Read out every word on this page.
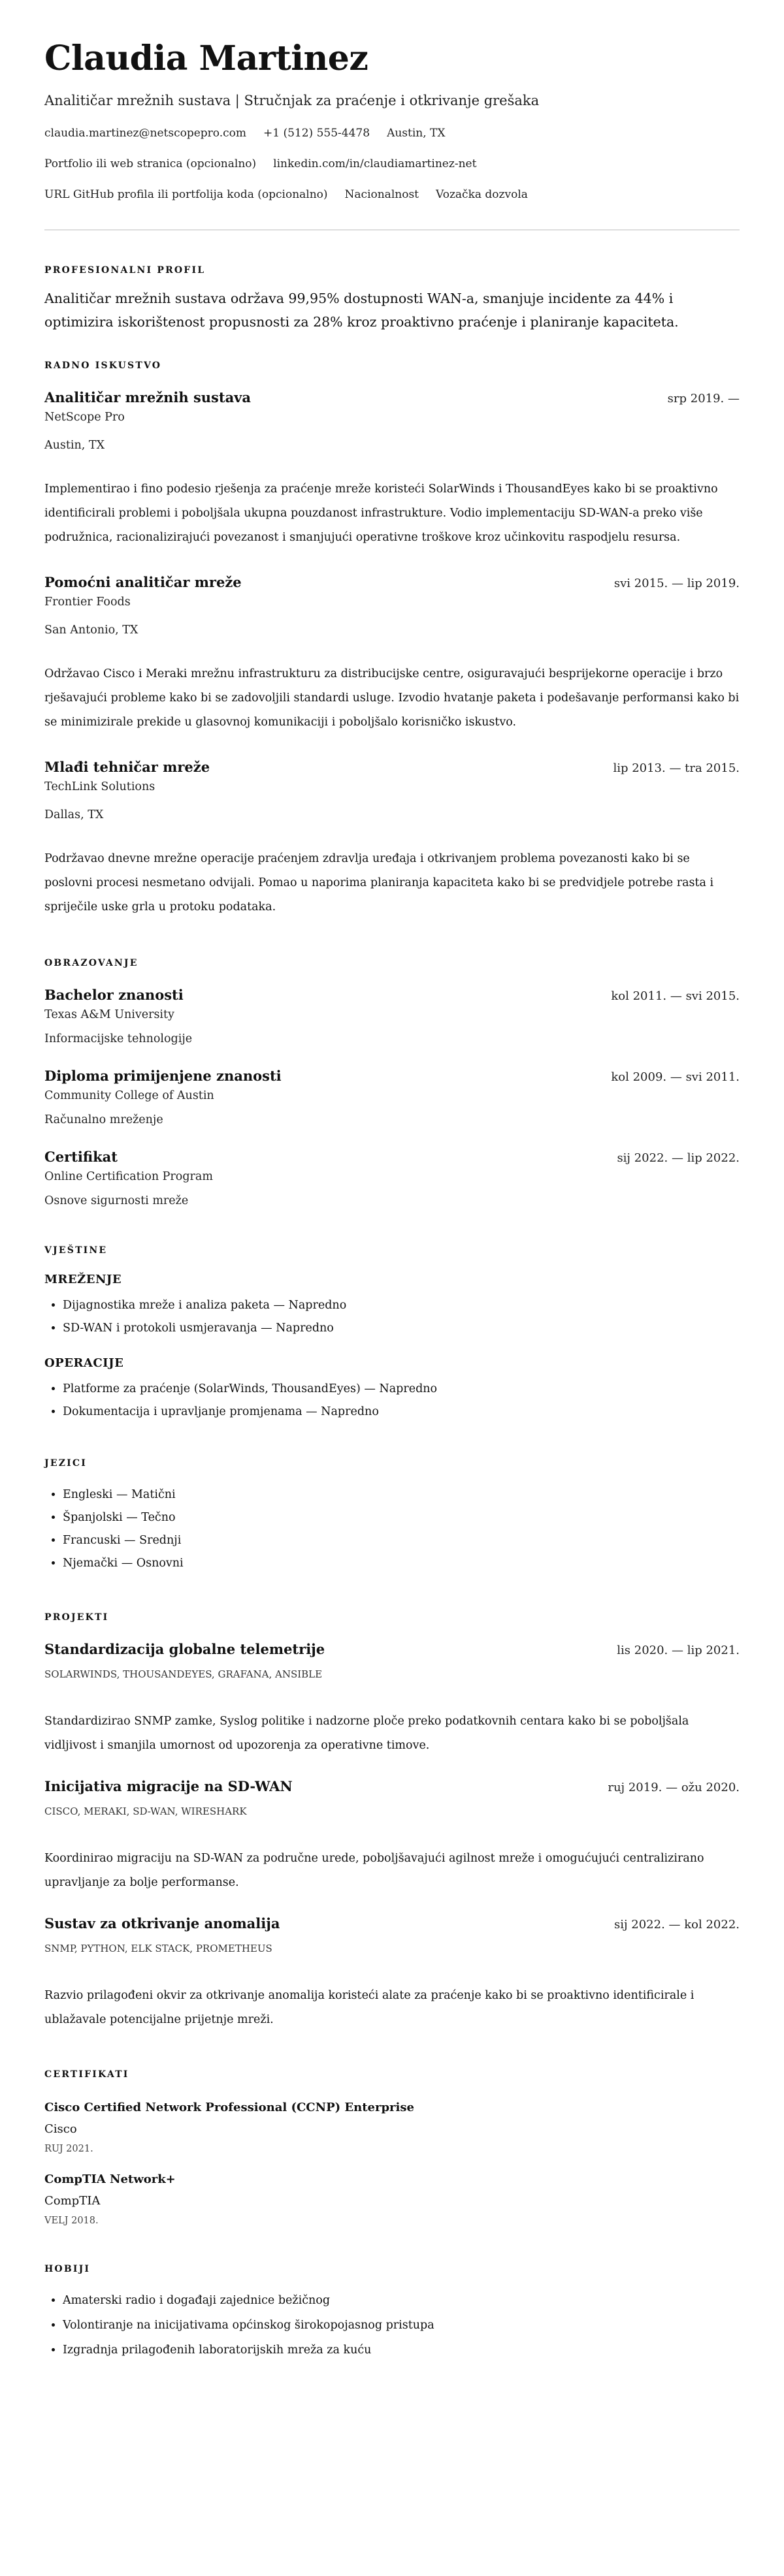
Claudia Martinez
Analitičar mrežnih sustava | Stručnjak za praćenje i otkrivanje grešaka
claudia.martinez@netscopepro.com +1 (512) 555-4478 Austin, TX
Portfolio ili web stranica (opcionalno) linkedin.com/in/claudiamartinez-net
URL GitHub profila ili portfolija koda (opcionalno) Nacionalnost Vozačka dozvola
PROFESIONALNI PROFIL
Analitičar mrežnih sustava održava 99,95% dostupnosti WAN-a, smanjuje incidente za 44% i optimizira iskorištenost propusnosti za 28% kroz proaktivno praćenje i planiranje kapaciteta.
RADNO ISKUSTVO
Analitičar mrežnih sustava	srp 2019. —
NetScope Pro
Austin, TX
Implementirao i fino podesio rješenja za praćenje mreže koristeći SolarWinds i ThousandEyes kako bi se proaktivno identificirali problemi i poboljšala ukupna pouzdanost infrastrukture. Vodio implementaciju SD-WAN-a preko više podružnica, racionalizirajući povezanost i smanjujući operativne troškove kroz učinkovitu raspodjelu resursa.
Pomoćni analitičar mreže	svi 2015. — lip 2019.
Frontier Foods
San Antonio, TX
Održavao Cisco i Meraki mrežnu infrastrukturu za distribucijske centre, osiguravajući besprijekorne operacije i brzo rješavajući probleme kako bi se zadovoljili standardi usluge. Izvodio hvatanje paketa i podešavanje performansi kako bi se minimizirale prekide u glasovnoj komunikaciji i poboljšalo korisničko iskustvo.
Mlađi tehničar mreže	lip 2013. — tra 2015.
TechLink Solutions
Dallas, TX
Podržavao dnevne mrežne operacije praćenjem zdravlja uređaja i otkrivanjem problema povezanosti kako bi se poslovni procesi nesmetano odvijali. Pomao u naporima planiranja kapaciteta kako bi se predvidjele potrebe rasta i spriječile uske grla u protoku podataka.
OBRAZOVANJE
Bachelor znanosti	kol 2011. — svi 2015.
Texas A&M University
Informacijske tehnologije
Diploma primijenjene znanosti	kol 2009. — svi 2011.
Community College of Austin
Računalno mreženje
Certifikat	sij 2022. — lip 2022.
Online Certification Program
Osnove sigurnosti mreže
VJEŠTINE
MREŽENJE
• Dijagnostika mreže i analiza paketa — Napredno
• SD-WAN i protokoli usmjeravanja — Napredno
OPERACIJE
• Platforme za praćenje (SolarWinds, ThousandEyes) — Napredno
• Dokumentacija i upravljanje promjenama — Napredno
JEZICI
• Engleski — Matični
• Španjolski — Tečno
• Francuski — Srednji
• Njemački — Osnovni
PROJEKTI
Standardizacija globalne telemetrije	lis 2020. — lip 2021.
SOLARWINDS, THOUSANDEYES, GRAFANA, ANSIBLE
Standardizirao SNMP zamke, Syslog politike i nadzorne ploče preko podatkovnih centara kako bi se poboljšala vidljivost i smanjila umornost od upozorenja za operativne timove.
Inicijativa migracije na SD-WAN	ruj 2019. — ožu 2020.
CISCO, MERAKI, SD-WAN, WIRESHARK
Koordinirao migraciju na SD-WAN za područne urede, poboljšavajući agilnost mreže i omogućujući centralizirano upravljanje za bolje performanse.
Sustav za otkrivanje anomalija	sij 2022. — kol 2022.
SNMP, PYTHON, ELK STACK, PROMETHEUS
Razvio prilagođeni okvir za otkrivanje anomalija koristeći alate za praćenje kako bi se proaktivno identificirale i ublažavale potencijalne prijetnje mreži.
CERTIFIKATI
Cisco Certified Network Professional (CCNP) Enterprise
Cisco
RUJ 2021.
CompTIA Network+
CompTIA
VELJ 2018.
HOBIJI
• Amaterski radio i događaji zajednice bežičnog
• Volontiranje na inicijativama općinskog širokopojasnog pristupa
• Izgradnja prilagođenih laboratorijskih mreža za kuću
